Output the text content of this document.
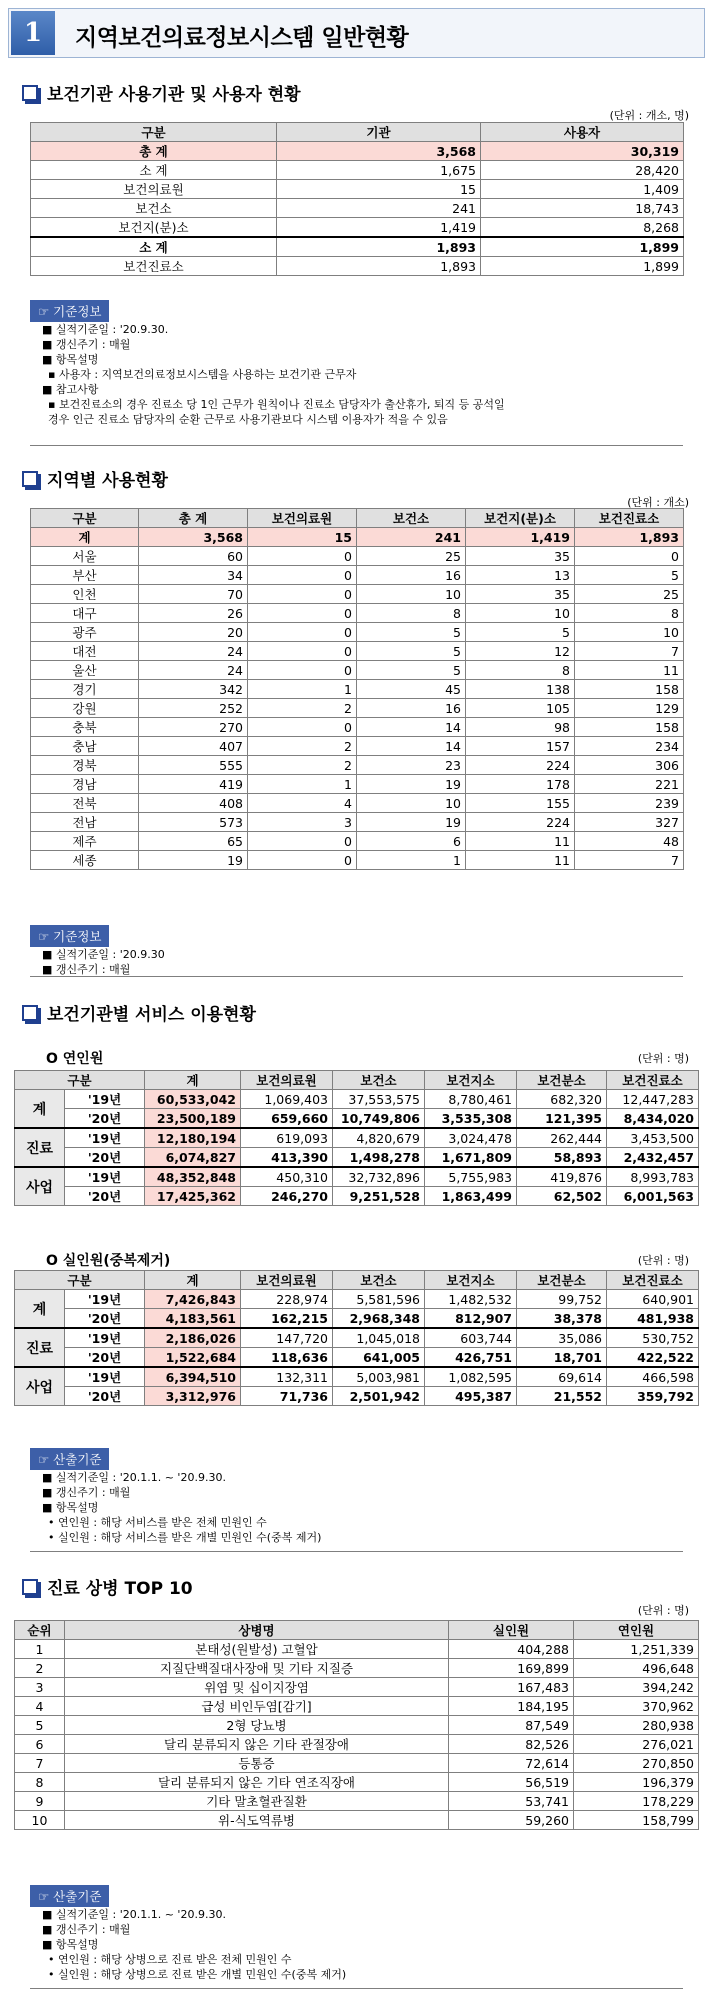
1	지역보건의료정보시스템 일반현황
보건기관 사용기관 및 사용자 현황
(단위 : 개소, 명)
구분	기관	사용자
총 계	3,568	30,319
소 계	1,675	28,420
보건의료원	15	1,409
보건소	241	18,743
보건지(분)소	1,419	8,268
소 계	1,893	1,899
보건진료소	1,893	1,899
☞ 기준정보
■ 실적기준일 : '20.9.30.
■ 갱신주기 : 매월
■ 항목설명
▪ 사용자 : 지역보건의료정보시스템을 사용하는 보건기관 근무자
■ 참고사항
▪ 보건진료소의 경우 진료소 당 1인 근무가 원칙이나 진료소 담당자가 출산휴가, 퇴직 등 공석일
경우 인근 진료소 담당자의 순환 근무로 사용기관보다 시스템 이용자가 적을 수 있음
지역별 사용현황
(단위 : 개소)
구분	총 계	보건의료원	보건소	보건지(분)소	보건진료소
계	3,568	15	241	1,419	1,893
서울	60	0	25	35	0
부산	34	0	16	13	5
인천	70	0	10	35	25
대구	26	0	8	10	8
광주	20	0	5	5	10
대전	24	0	5	12	7
울산	24	0	5	8	11
경기	342	1	45	138	158
강원	252	2	16	105	129
충북	270	0	14	98	158
충남	407	2	14	157	234
경북	555	2	23	224	306
경남	419	1	19	178	221
전북	408	4	10	155	239
전남	573	3	19	224	327
제주	65	0	6	11	48
세종	19	0	1	11	7
☞ 기준정보
■ 실적기준일 : '20.9.30
■ 갱신주기 : 매월
보건기관별 서비스 이용현황
O 연인원	(단위 : 명)
구분		계	보건의료원	보건소	보건지소	보건분소	보건진료소
계	'19년	60,533,042	1,069,403	37,553,575	8,780,461	682,320	12,447,283
	'20년	23,500,189	659,660	10,749,806	3,535,308	121,395	8,434,020
진료	'19년	12,180,194	619,093	4,820,679	3,024,478	262,444	3,453,500
	'20년	6,074,827	413,390	1,498,278	1,671,809	58,893	2,432,457
사업	'19년	48,352,848	450,310	32,732,896	5,755,983	419,876	8,993,783
	'20년	17,425,362	246,270	9,251,528	1,863,499	62,502	6,001,563
O 실인원(중복제거)	(단위 : 명)
구분		계	보건의료원	보건소	보건지소	보건분소	보건진료소
계	'19년	7,426,843	228,974	5,581,596	1,482,532	99,752	640,901
	'20년	4,183,561	162,215	2,968,348	812,907	38,378	481,938
진료	'19년	2,186,026	147,720	1,045,018	603,744	35,086	530,752
	'20년	1,522,684	118,636	641,005	426,751	18,701	422,522
사업	'19년	6,394,510	132,311	5,003,981	1,082,595	69,614	466,598
	'20년	3,312,976	71,736	2,501,942	495,387	21,552	359,792
☞ 산출기준
■ 실적기준일 : '20.1.1. ~ '20.9.30.
■ 갱신주기 : 매월
■ 항목설명
• 연인원 : 해당 서비스를 받은 전체 민원인 수
• 실인원 : 해당 서비스를 받은 개별 민원인 수(중복 제거)
진료 상병 TOP 10
(단위 : 명)
순위	상병명	실인원	연인원
1	본태성(원발성) 고혈압	404,288	1,251,339
2	지질단백질대사장애 및 기타 지질증	169,899	496,648
3	위염 및 십이지장염	167,483	394,242
4	급성 비인두염[감기]	184,195	370,962
5	2형 당뇨병	87,549	280,938
6	달리 분류되지 않은 기타 관절장애	82,526	276,021
7	등통증	72,614	270,850
8	달리 분류되지 않은 기타 연조직장애	56,519	196,379
9	기타 말초혈관질환	53,741	178,229
10	위-식도역류병	59,260	158,799
☞ 산출기준
■ 실적기준일 : '20.1.1. ~ '20.9.30.
■ 갱신주기 : 매월
■ 항목설명
• 연인원 : 해당 상병으로 진료 받은 전체 민원인 수
• 실인원 : 해당 상병으로 진료 받은 개별 민원인 수(중복 제거)
